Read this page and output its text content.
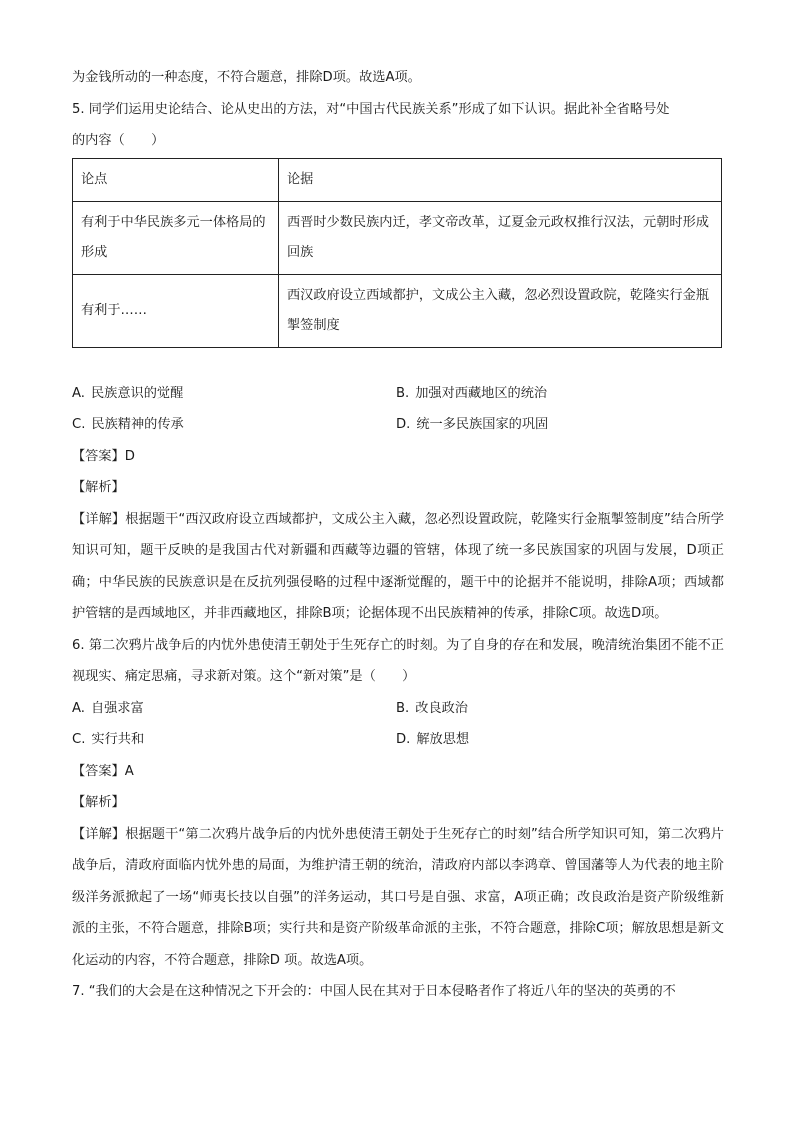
为金钱所动的一种态度，不符合题意，排除D项。故选A项。
5. 同学们运用史论结合、论从史出的方法，对“中国古代民族关系”形成了如下认识。据此补全省略号处
的内容（　　）
论点	论据
有利于中华民族多元一体格局的形成	西晋时少数民族内迁，孝文帝改革，辽夏金元政权推行汉法，元朝时形成回族
有利于……	西汉政府设立西域都护，文成公主入藏，忽必烈设置政院，乾隆实行金瓶掣签制度
A. 民族意识的觉醒	B. 加强对西藏地区的统治
C. 民族精神的传承	D. 统一多民族国家的巩固
【答案】D
【解析】
【详解】根据题干“西汉政府设立西域都护，文成公主入藏，忽必烈设置政院，乾隆实行金瓶掣签制度”结合所学知识可知，题干反映的是我国古代对新疆和西藏等边疆的管辖，体现了统一多民族国家的巩固与发展，D项正确；中华民族的民族意识是在反抗列强侵略的过程中逐渐觉醒的，题干中的论据并不能说明，排除A项；西域都护管辖的是西域地区，并非西藏地区，排除B项；论据体现不出民族精神的传承，排除C项。故选D项。
6. 第二次鸦片战争后的内忧外患使清王朝处于生死存亡的时刻。为了自身的存在和发展，晚清统治集团不能不正视现实、痛定思痛，寻求新对策。这个“新对策”是（　　）
A. 自强求富	B. 改良政治
C. 实行共和	D. 解放思想
【答案】A
【解析】
【详解】根据题干“第二次鸦片战争后的内忧外患使清王朝处于生死存亡的时刻”结合所学知识可知，第二次鸦片战争后，清政府面临内忧外患的局面，为维护清王朝的统治，清政府内部以李鸿章、曾国藩等人为代表的地主阶级洋务派掀起了一场“师夷长技以自强”的洋务运动，其口号是自强、求富，A项正确；改良政治是资产阶级维新派的主张，不符合题意，排除B项；实行共和是资产阶级革命派的主张，不符合题意，排除C项；解放思想是新文化运动的内容，不符合题意，排除D 项。故选A项。
7. “我们的大会是在这种情况之下开会的：中国人民在其对于日本侵略者作了将近八年的坚决的英勇的不
